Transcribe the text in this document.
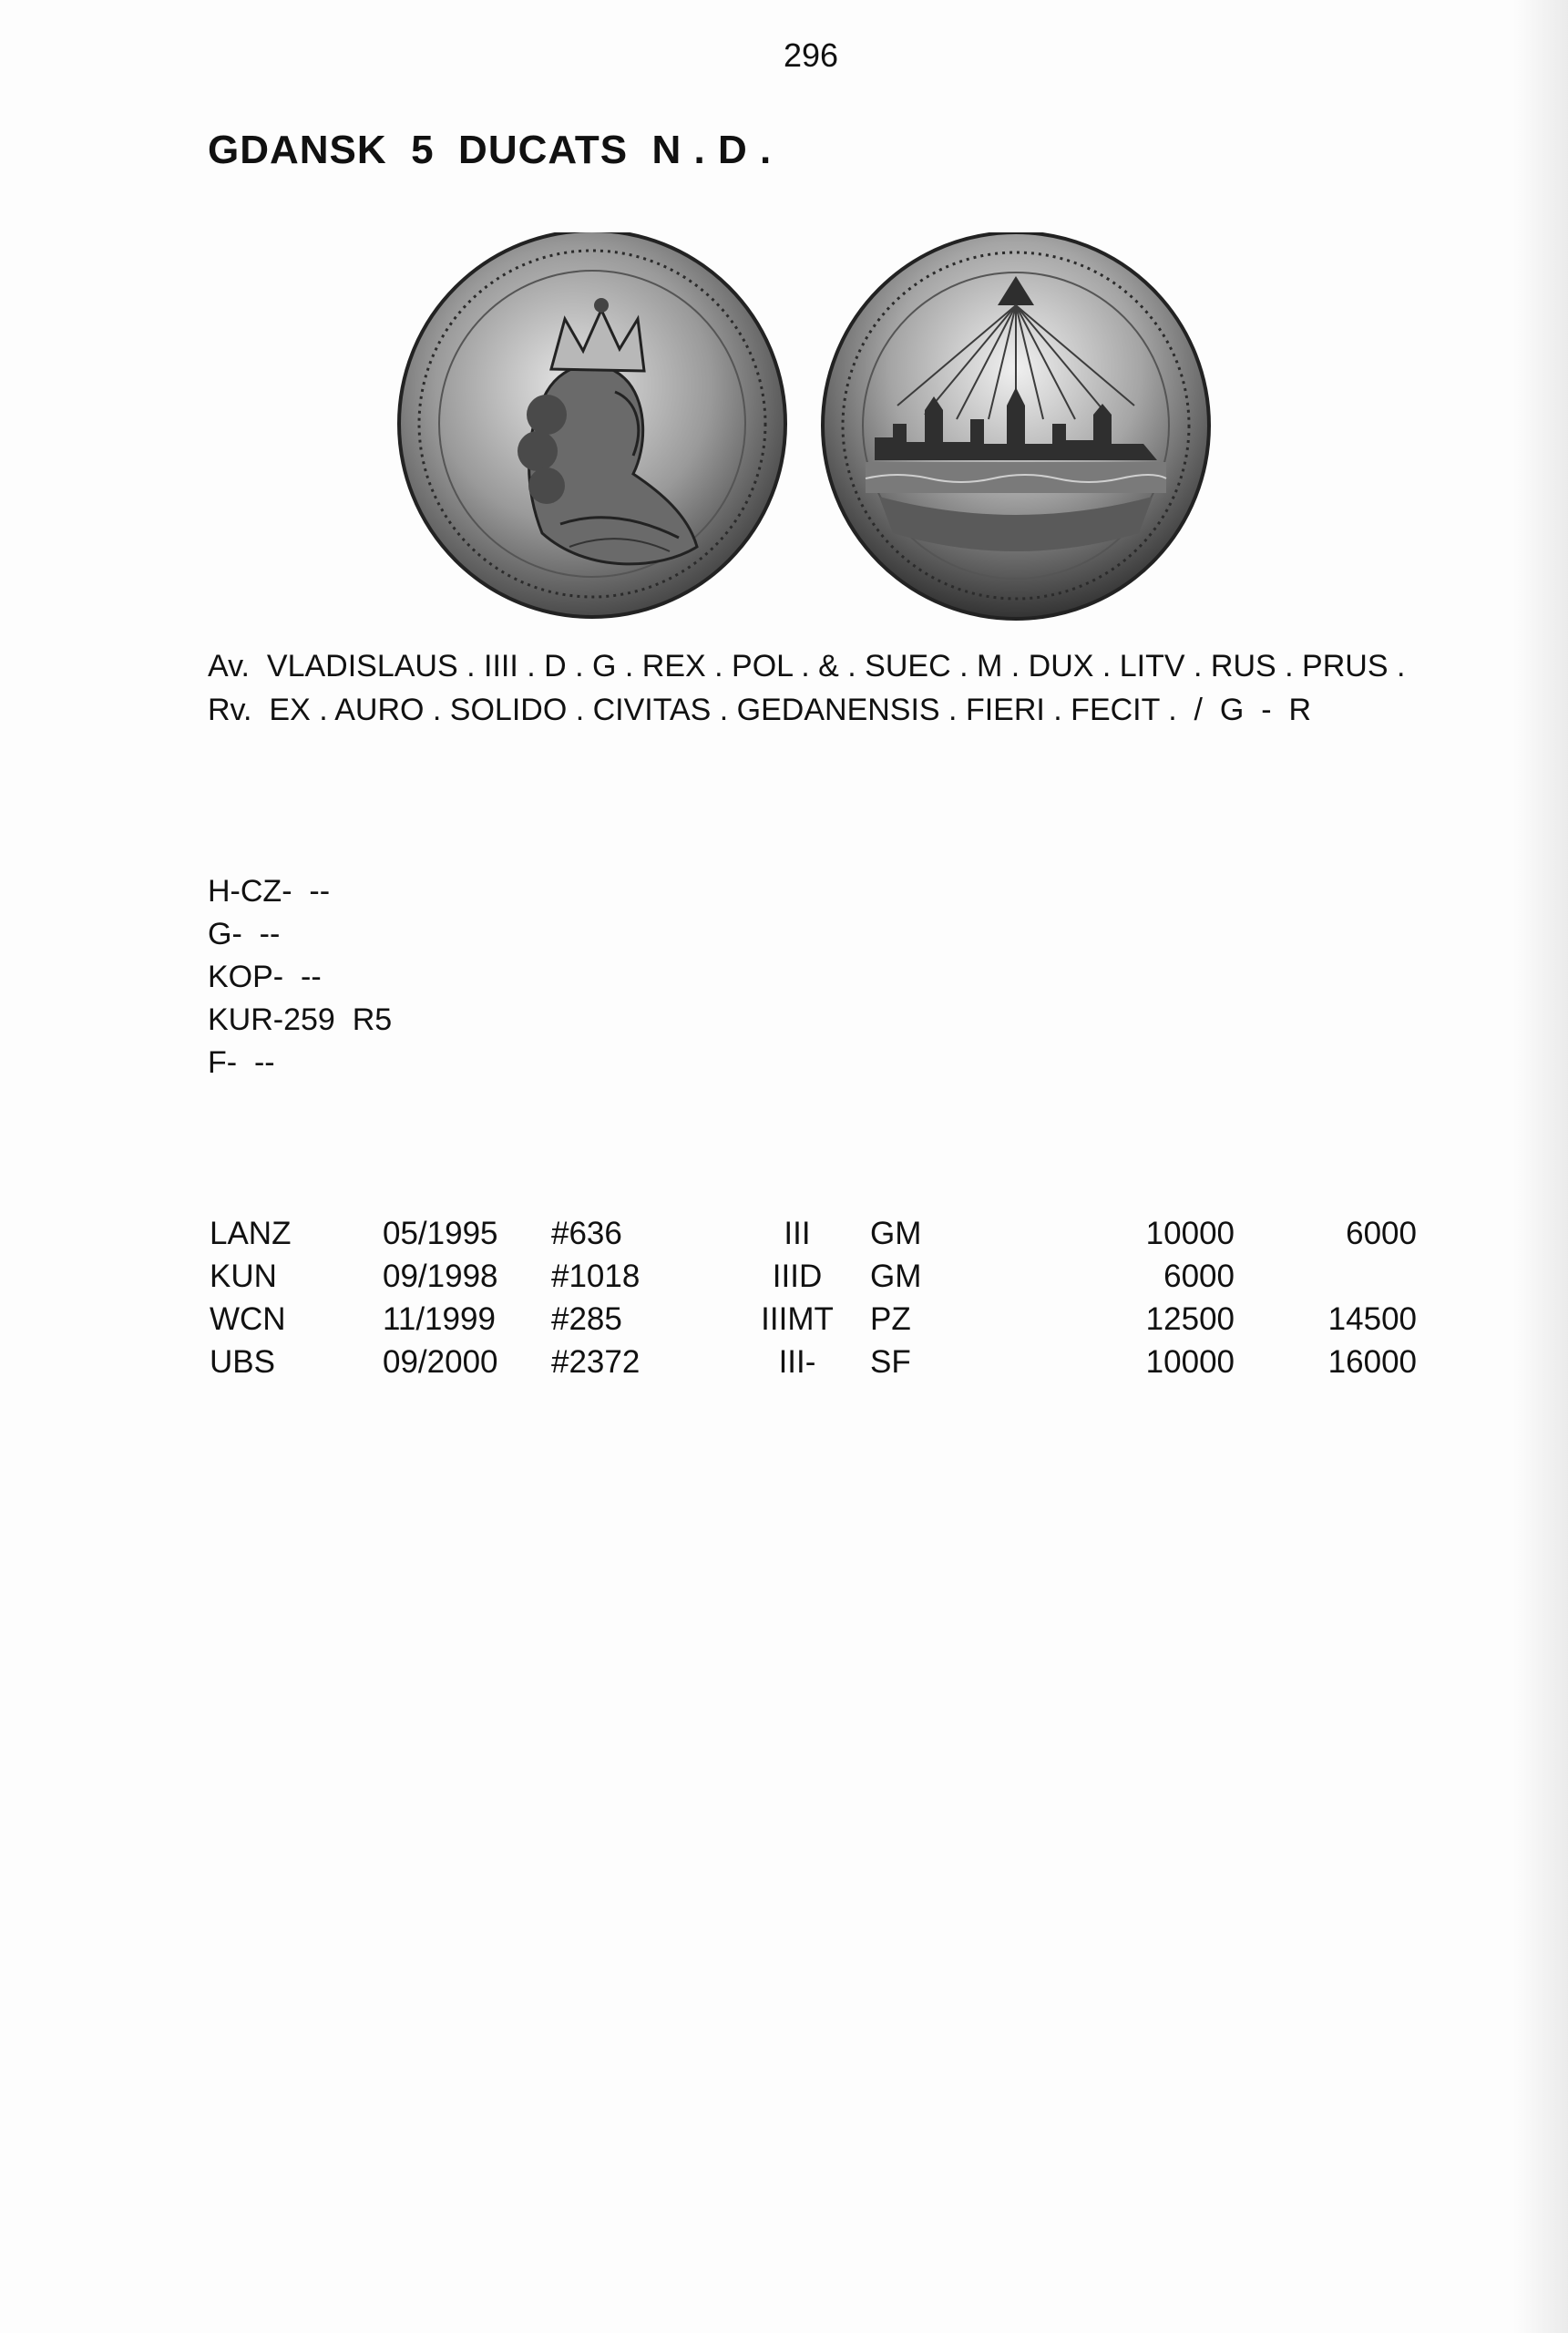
296
GDANSK  5  DUCATS  N . D .
Av. VLADISLAUS . IIII . D . G . REX . POL . & . SUEC . M . DUX . LITV . RUS . PRUS .
Rv. EX . AURO . SOLIDO . CIVITAS . GEDANENSIS . FIERI . FECIT .  /  G  -  R
H-CZ-  --
G-  --
KOP-  --
KUR-259  R5
F-  --
LANZ	05/1995	#636	III	GM	10000	6000
KUN	09/1998	#1018	IIID	GM	6000	
WCN	11/1999	#285	IIIMT	PZ	12500	14500
UBS	09/2000	#2372	III-	SF	10000	16000
